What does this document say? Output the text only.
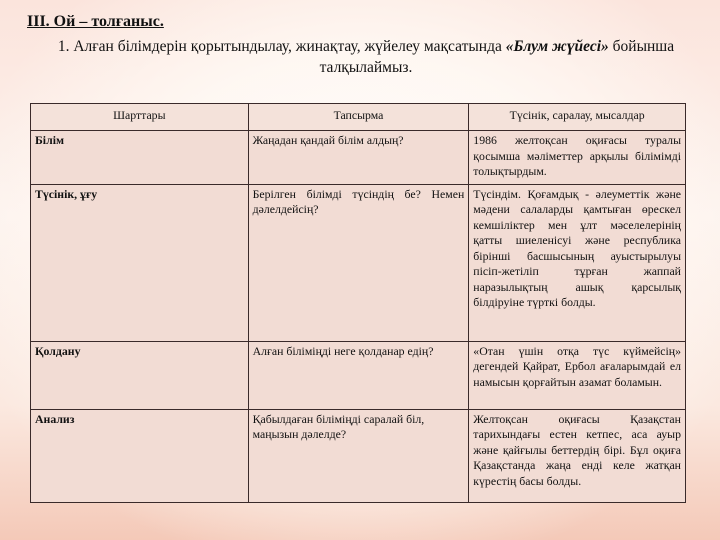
ІІІ. Ой – толғаныс.
1. Алған білімдерін қорытындылау, жинақтау, жүйелеу мақсатында «Блум жүйесі» бойынша талқылаймыз.
Шарттары	Тапсырма	Түсінік, саралау, мысалдар
Білім	Жаңадан қандай білім алдың?	1986 желтоқсан оқиғасы туралы қосымша мәліметтер арқылы білімімді толықтырдым.
Түсінік, ұғу	Берілген білімді түсіндің бе? Немен дәлелдейсің?	Түсіндім. Қоғамдық - әлеуметтік және мәдени салаларды қамтыған өрескел кемшіліктер мен ұлт мәселелерінің қатты шиеленісуі және республика бірінші басшысының ауыстырылуы пісіп-жетіліп тұрған жаппай наразылықтың ашық қарсылық білдіруіне түрткі болды.
Қолдану	Алған біліміңді неге қолданар едің?	«Отан үшін отқа түс күймейсің» дегендей Қайрат, Ербол ағаларымдай ел намысын қорғайтын азамат боламын.
Анализ	Қабылдаған біліміңді саралай біл, маңызын дәлелде?	Желтоқсан оқиғасы Қазақстан тарихындағы естен кетпес, аса ауыр және қайғылы беттердің бірі. Бұл оқиға Қазақстанда жаңа енді келе жатқан күрестің басы болды.
